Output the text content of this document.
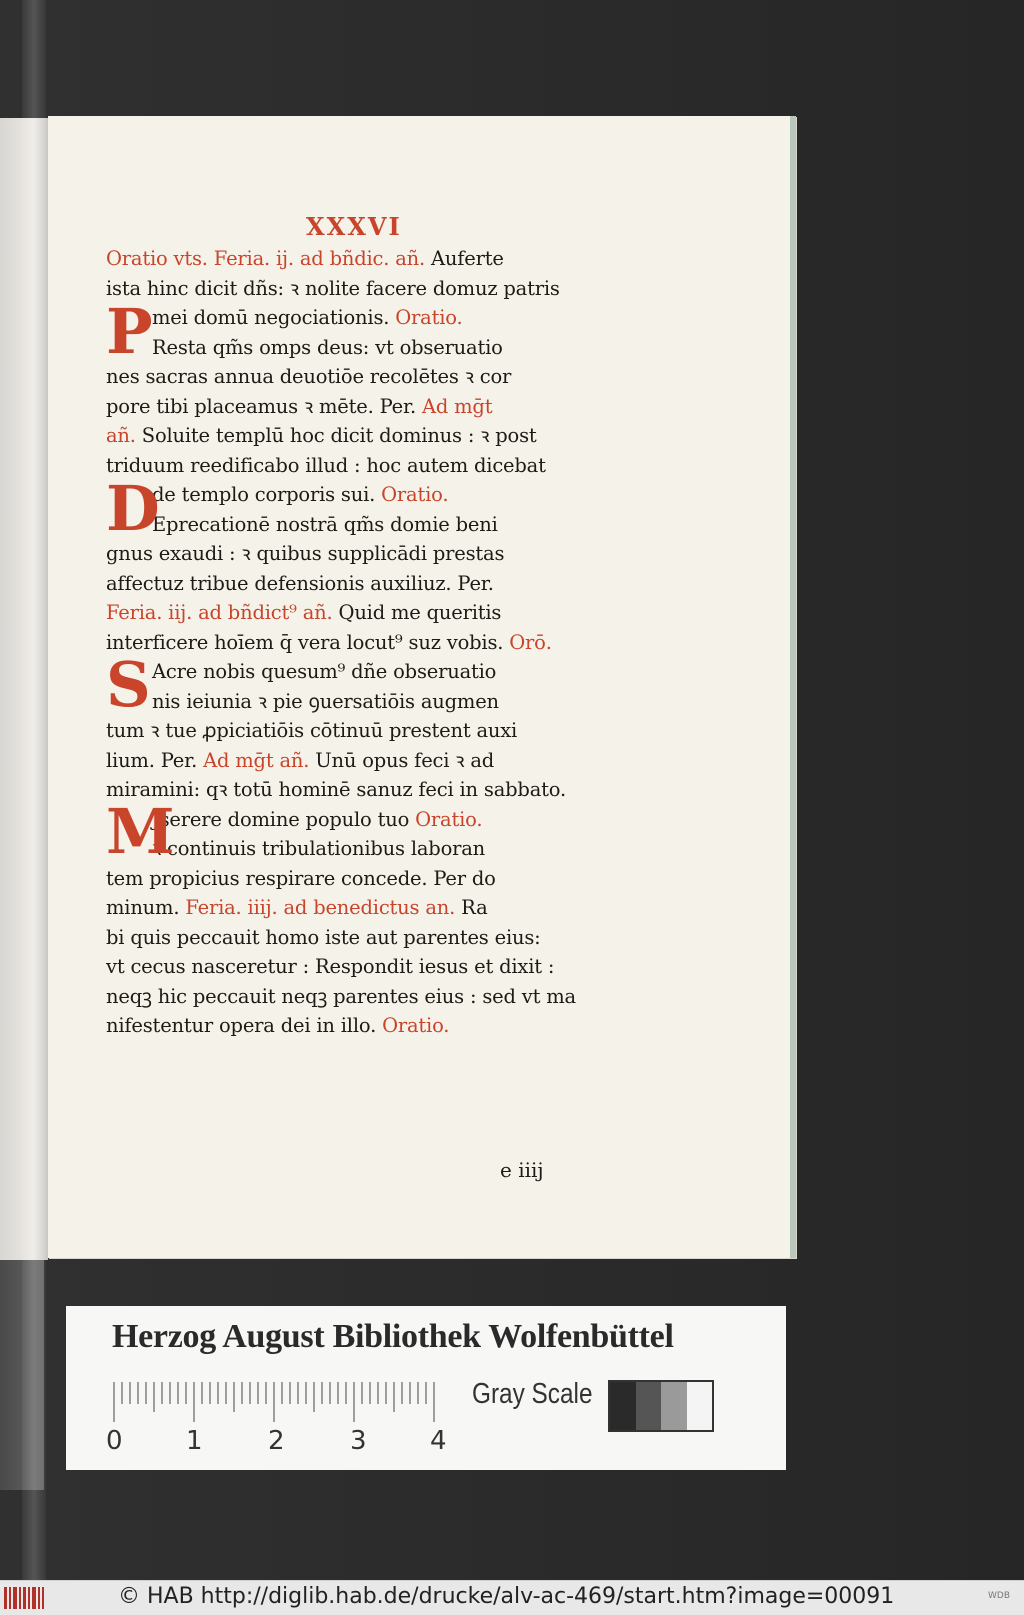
XXXVI
Oratio vts. Feria. ij. ad bñdic. añ. Auferte
ista hinc dicit dñs: ꝛ nolite facere domuz patris
mei domū negociationis. Oratio.
Resta qm̃s omps deus: vt obseruatio
nes sacras annua deuotiōe recolētes ꝛ cor
pore tibi placeamus ꝛ mēte. Per. Ad mḡt
añ. Soluite templū hoc dicit dominus : ꝛ post
triduum reedificabo illud : hoc autem dicebat
de templo corporis sui. Oratio.
Eprecationē nostrā qm̃s domie beni
gnus exaudi : ꝛ quibus supplicādi prestas
affectuz tribue defensionis auxiliuz. Per.
Feria. iij. ad bñdict⁹ añ. Quid me queritis
interficere hoīem q̄ vera locut⁹ suz vobis. Orō.
Acre nobis quesum⁹ dñe obseruatio
nis ieiunia ꝛ pie ꝯuersatiōis augmen
tum ꝛ tue ꝓpiciatiōis cōtinuū prestent auxi
lium. Per. Ad mḡt añ. Unū opus feci ꝛ ad
miramini: qꝛ totū hominē sanuz feci in sabbato.
Jserere domine populo tuo Oratio.
ꝛ continuis tribulationibus laboran
tem propicius respirare concede. Per do
minum. Feria. iiij. ad benedictus an. Ra
bi quis peccauit homo iste aut parentes eius:
vt cecus nasceretur : Respondit iesus et dixit :
neqꝫ hic peccauit neqꝫ parentes eius : sed vt ma
nifestentur opera dei in illo. Oratio.
P
D
S
M
e iiij
Herzog August Bibliothek Wolfenbüttel
0 1	2	3 4
Gray Scale
© HAB http://diglib.hab.de/drucke/alv-ac-469/start.htm?image=00091	WDB
